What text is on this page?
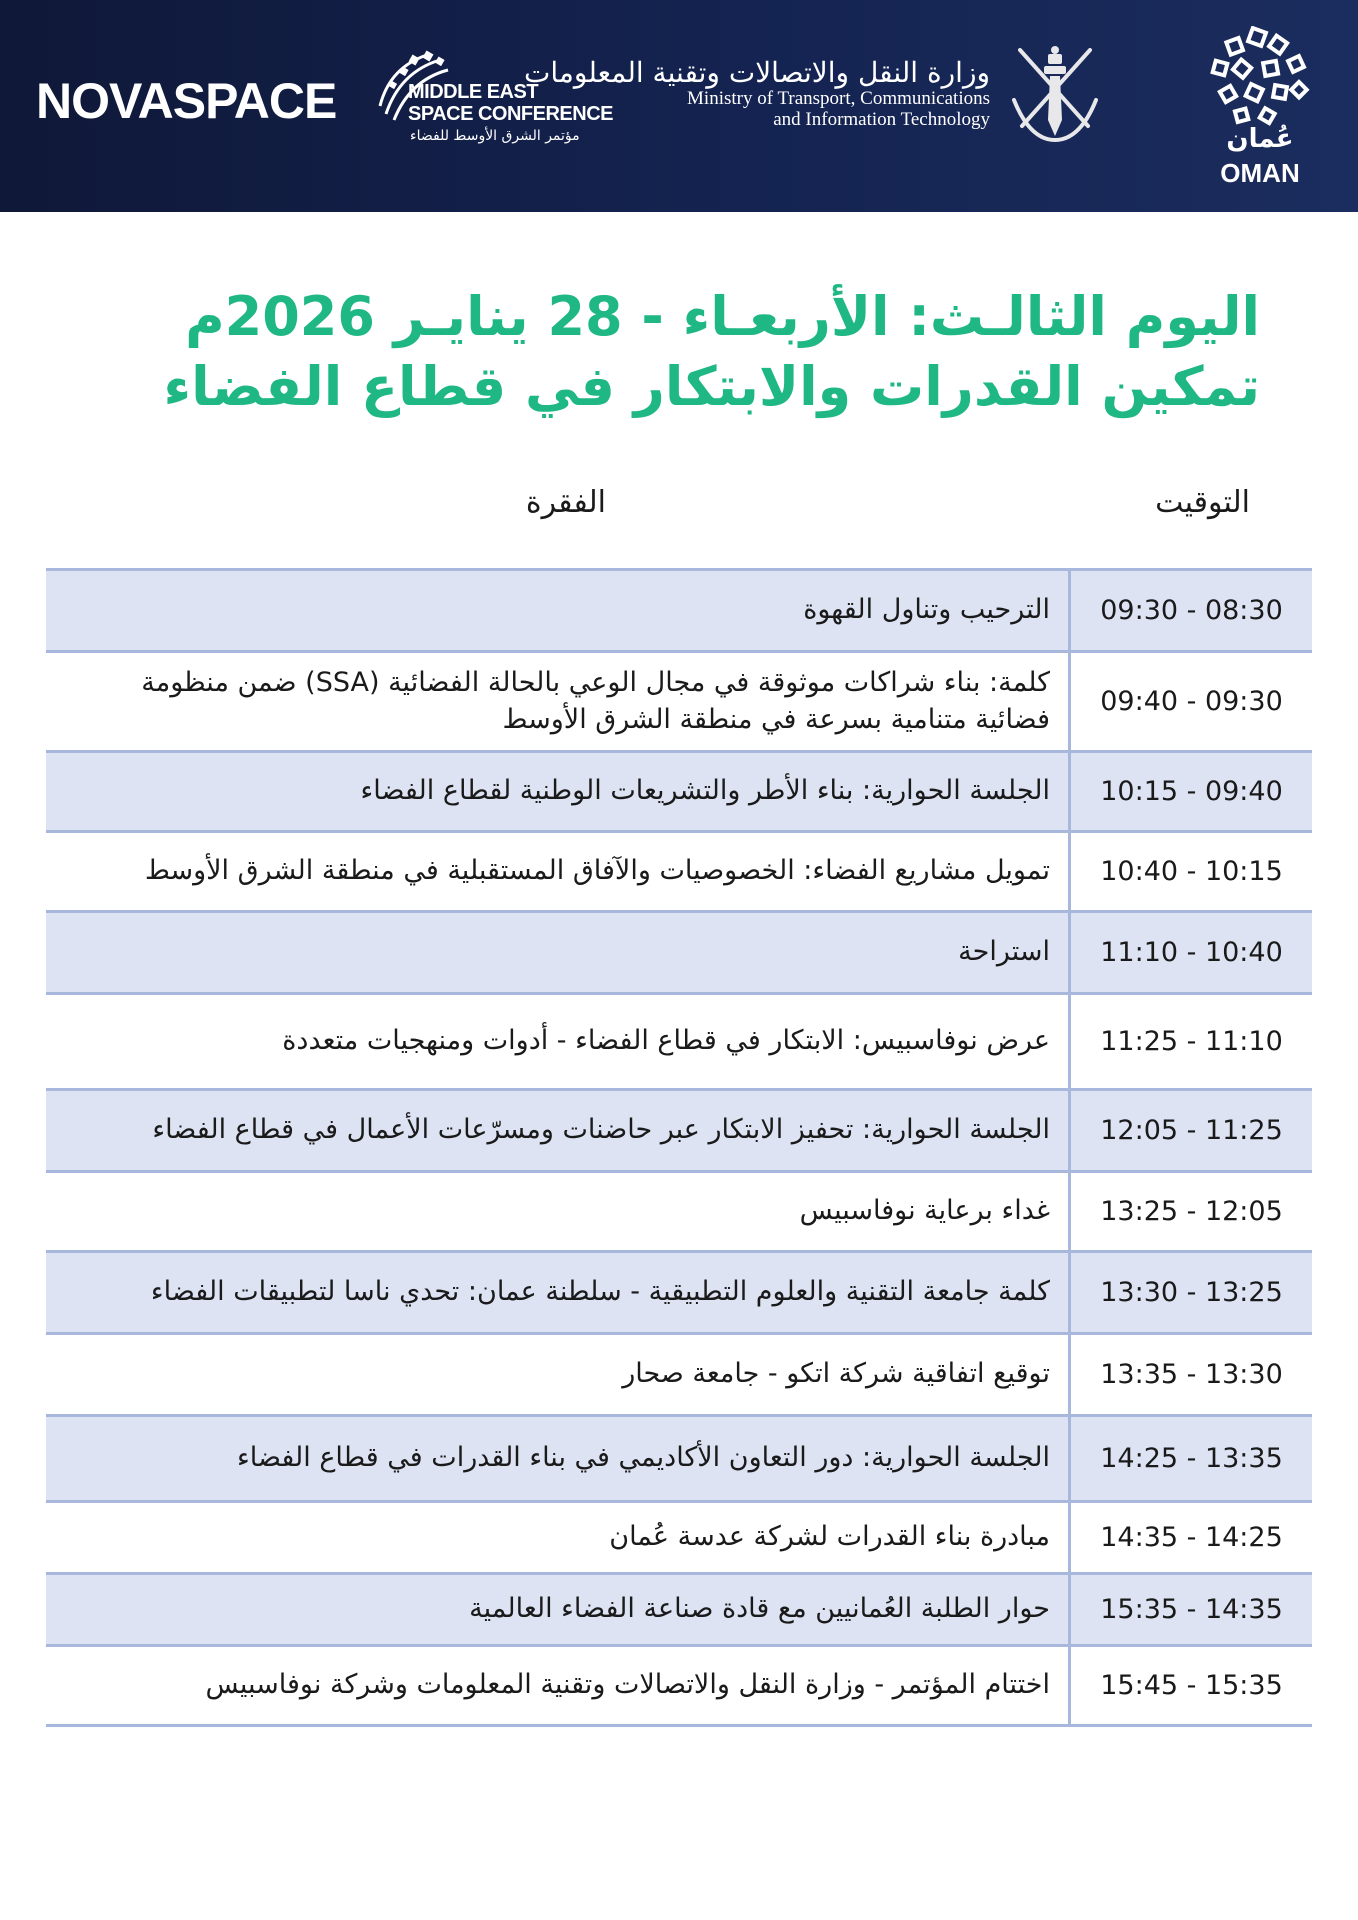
NOVASPACE	MIDDLE EAST
SPACE CONFERENCE
مؤتمر الشرق الأوسط للفضاء
وزارة النقل والاتصالات وتقنية المعلومات
Ministry of Transport, Communications
and Information Technology
عُمان
OMAN
اليوم الثالـث: الأربعـاء - 28 ينايـر 2026م
تمكين القدرات والابتكار في قطاع الفضاء
التوقيت
الفقرة
09:30 - 08:30
الترحيب وتناول القهوة
09:40 - 09:30
كلمة: بناء شراكات موثوقة في مجال الوعي بالحالة الفضائية (SSA) ضمن منظومة فضائية متنامية بسرعة في منطقة الشرق الأوسط
10:15 - 09:40
الجلسة الحوارية: بناء الأطر والتشريعات الوطنية لقطاع الفضاء
10:40 - 10:15
تمويل مشاريع الفضاء: الخصوصيات والآفاق المستقبلية في منطقة الشرق الأوسط
11:10 - 10:40
استراحة
11:25 - 11:10
عرض نوفاسبيس: الابتكار في قطاع الفضاء - أدوات ومنهجيات متعددة
12:05 - 11:25
الجلسة الحوارية: تحفيز الابتكار عبر حاضنات ومسرّعات الأعمال في قطاع الفضاء
13:25 - 12:05
غداء برعاية نوفاسبيس
13:30 - 13:25
كلمة جامعة التقنية والعلوم التطبيقية - سلطنة عمان: تحدي ناسا لتطبيقات الفضاء
13:35 - 13:30
توقيع اتفاقية شركة اتكو - جامعة صحار
14:25 - 13:35
الجلسة الحوارية: دور التعاون الأكاديمي في بناء القدرات في قطاع الفضاء
14:35 - 14:25
مبادرة بناء القدرات لشركة عدسة عُمان
15:35 - 14:35
حوار الطلبة العُمانيين مع قادة صناعة الفضاء العالمية
15:45 - 15:35
اختتام المؤتمر - وزارة النقل والاتصالات وتقنية المعلومات وشركة نوفاسبيس
